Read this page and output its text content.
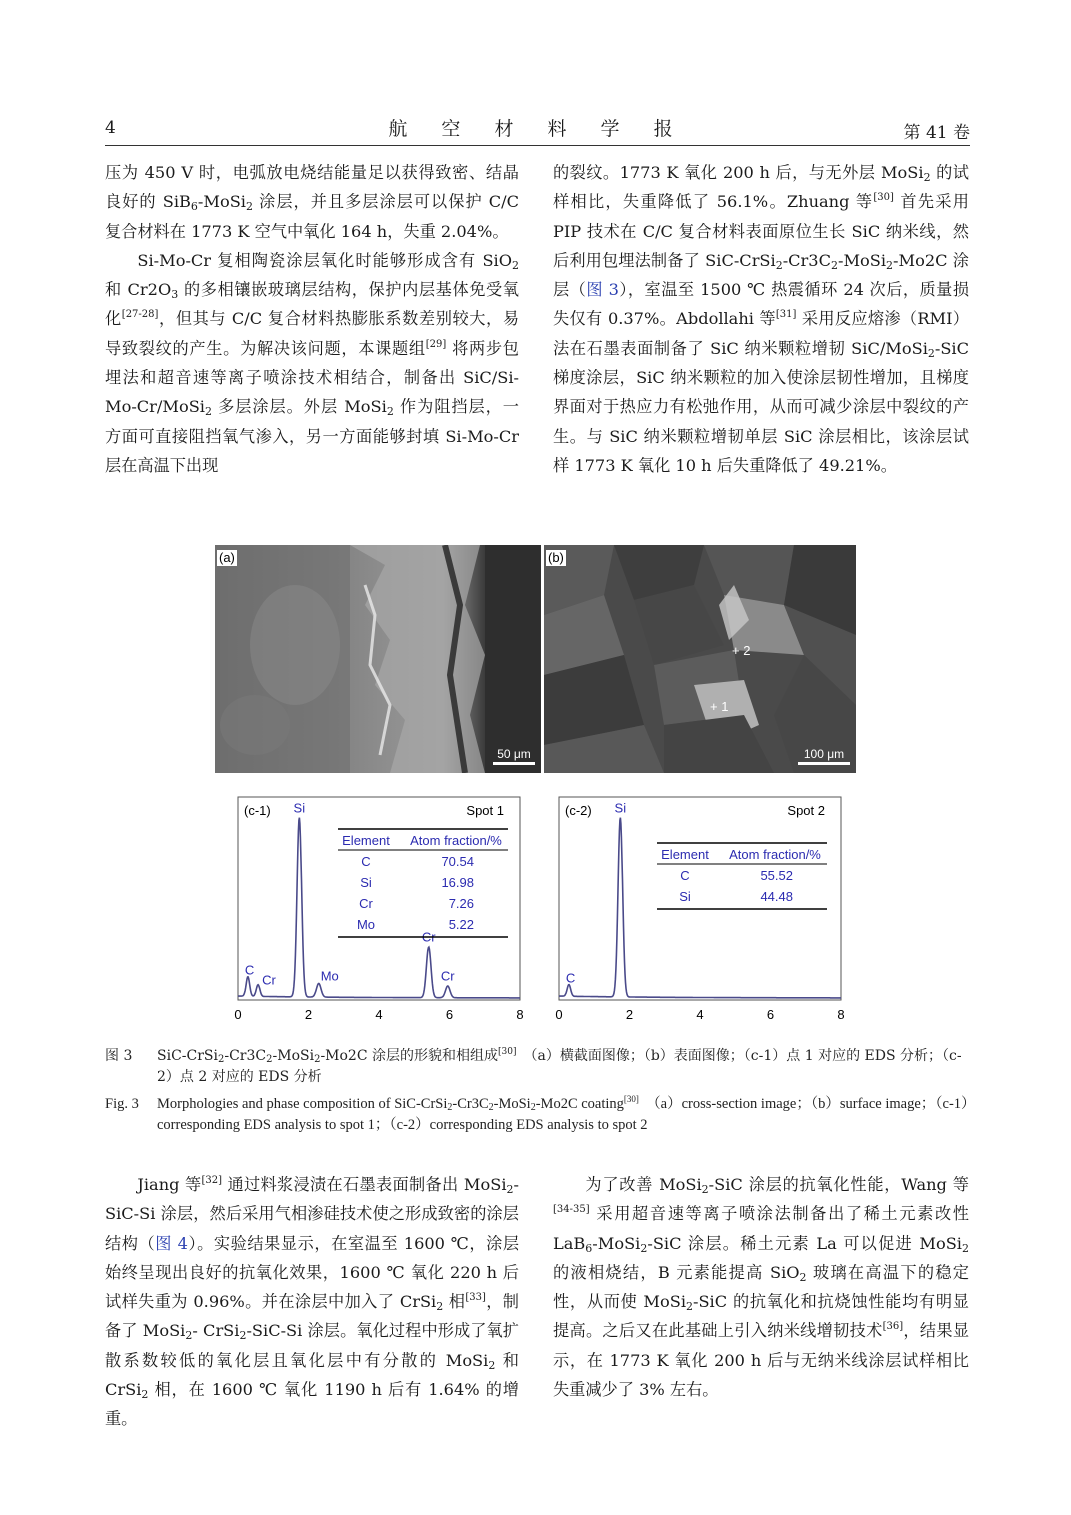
4	航 空 材 料 学 报	第 41 卷

压为 450 V 时，电弧放电烧结能量足以获得致密、结晶良好的 SiB$_6$-MoSi$_2$ 涂层，并且多层涂层可以保护 C/C 复合材料在 1773 K 空气中氧化 164 h，失重 2.04%。

Si-Mo-Cr 复相陶瓷涂层氧化时能够形成含有 SiO$_2$ 和 $Cr2O_3$ 的多相镶嵌玻璃层结构，保护内层基体免受氧化[27-28]，但其与 C/C 复合材料热膨胀系数差别较大，易导致裂纹的产生。为解决该问题，本课题组[29] 将两步包埋法和超音速等离子喷涂技术相结合，制备出 SiC/Si-Mo-Cr/MoSi$_2$ 多层涂层。外层 MoSi$_2$ 作为阻挡层，一方面可直接阻挡氧气渗入，另一方面能够封填 Si-Mo-Cr 层在高温下出现

的裂纹。1773 K 氧化 200 h 后，与无外层 MoSi$_2$ 的试样相比，失重降低了 56.1%。Zhuang 等[30] 首先采用 PIP 技术在 C/C 复合材料表面原位生长 SiC 纳米线，然后利用包埋法制备了 SiC-$CrSi_2-Cr3C_2-MoSi_2-Mo2C$ 涂层（图 3），室温至 1500 ℃ 热震循环 24 次后，质量损失仅有 0.37%。Abdollahi 等[31] 采用反应熔渗（RMI）法在石墨表面制备了 SiC 纳米颗粒增韧 SiC/MoSi$_2$-SiC 梯度涂层，SiC 纳米颗粒的加入使涂层韧性增加，且梯度界面对于热应力有松弛作用，从而可减少涂层中裂纹的产生。与 SiC 纳米颗粒增韧单层 SiC 涂层相比，该涂层试样 1773 K 氧化 10 h 后失重降低了 49.21%。

(a)
50 μm
(b)
+ 2
+ 1
100 μm
C
Cr
Si
Mo
Cr
Cr
0	2	4	6	8
(c-1)	Spot 1
Element Atom fraction/%
C	70.54
Si	16.98
Cr	7.26
Mo	5.22
C
Si
0	2	4	6	8
(c-2)	Spot 2
Element Atom fraction/%
C	55.52
Si	44.48
图 3 SiC-$CrSi_2-Cr3C_2-MoSi_2-Mo2C$ 涂层的形貌和相组成[30]　（a）横截面图像；（b）表面图像；（c-1）点 1 对应的 EDS 分析；（c-2）点 2 对应的 EDS 分析
Fig. 3 Morphologies and phase composition of SiC-$CrSi_2-Cr3C_2-MoSi_2-Mo2C$ coating[30]　（a）cross-section image；（b）surface image；（c-1）corresponding EDS analysis to spot 1；（c-2）corresponding EDS analysis to spot 2

Jiang 等[32] 通过料浆浸渍在石墨表面制备出 MoSi$_2$-SiC-Si 涂层，然后采用气相渗硅技术使之形成致密的涂层结构（图 4）。实验结果显示，在室温至 1600 ℃，涂层始终呈现出良好的抗氧化效果，1600 ℃ 氧化 220 h 后试样失重为 0.96%。并在涂层中加入了 CrSi$_2$ 相[33]，制备了 MoSi$_2$- CrSi$_2$-SiC-Si 涂层。氧化过程中形成了氧扩散系数较低的氧化层且氧化层中有分散的 MoSi$_2$ 和 CrSi$_2$ 相，在 1600 ℃ 氧化 1190 h 后有 1.64% 的增重。

为了改善 MoSi$_2$-SiC 涂层的抗氧化性能，Wang 等[34-35] 采用超音速等离子喷涂法制备出了稀土元素改性 LaB$_6$-MoSi$_2$-SiC 涂层。稀土元素 La 可以促进 MoSi$_2$ 的液相烧结，B 元素能提高 SiO$_2$ 玻璃在高温下的稳定性，从而使 MoSi$_2$-SiC 的抗氧化和抗烧蚀性能均有明显提高。之后又在此基础上引入纳米线增韧技术[36]，结果显示，在 1773 K 氧化 200 h 后与无纳米线涂层试样相比失重减少了 3% 左右。
